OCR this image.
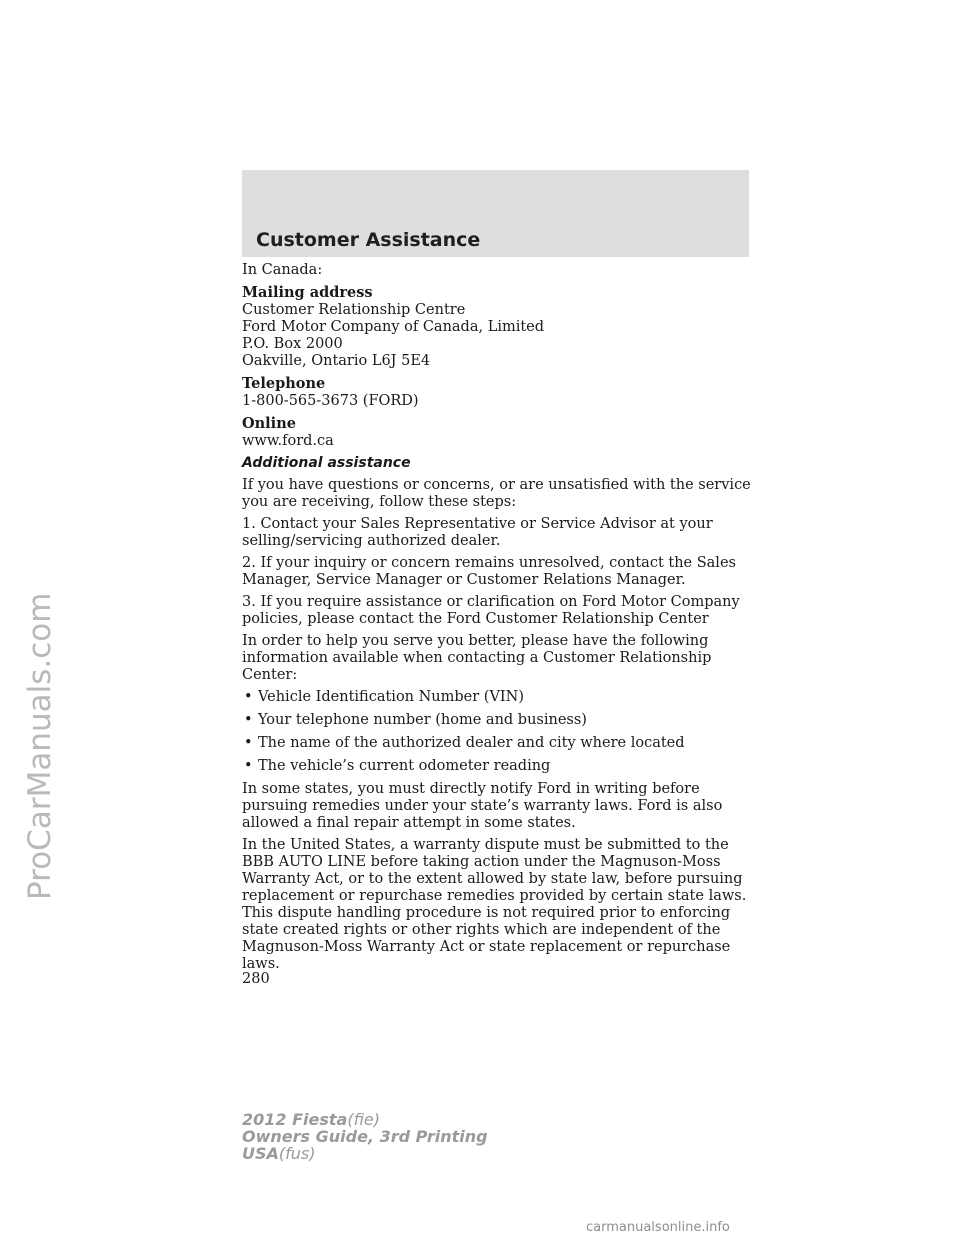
ProCarManuals.com
Customer Assistance

In Canada:

Mailing address
Customer Relationship Centre
Ford Motor Company of Canada, Limited
P.O. Box 2000
Oakville, Ontario L6J 5E4

Telephone
1-800-565-3673 (FORD)

Online
www.ford.ca

Additional assistance

If you have questions or concerns, or are unsatisfied with the service you are receiving, follow these steps:

1. Contact your Sales Representative or Service Advisor at your selling/servicing authorized dealer.

2. If your inquiry or concern remains unresolved, contact the Sales Manager, Service Manager or Customer Relations Manager.

3. If you require assistance or clarification on Ford Motor Company policies, please contact the Ford Customer Relationship Center

In order to help you serve you better, please have the following information available when contacting a Customer Relationship Center:

• Vehicle Identification Number (VIN)
• Your telephone number (home and business)
• The name of the authorized dealer and city where located
• The vehicle’s current odometer reading

In some states, you must directly notify Ford in writing before pursuing remedies under your state’s warranty laws. Ford is also allowed a final repair attempt in some states.

In the United States, a warranty dispute must be submitted to the BBB AUTO LINE before taking action under the Magnuson-Moss Warranty Act, or to the extent allowed by state law, before pursuing replacement or repurchase remedies provided by certain state laws. This dispute handling procedure is not required prior to enforcing state created rights or other rights which are independent of the Magnuson-Moss Warranty Act or state replacement or repurchase laws.

280
2012 Fiesta(fie)
Owners Guide, 3rd Printing
USA(fus)
carmanualsonline.info
